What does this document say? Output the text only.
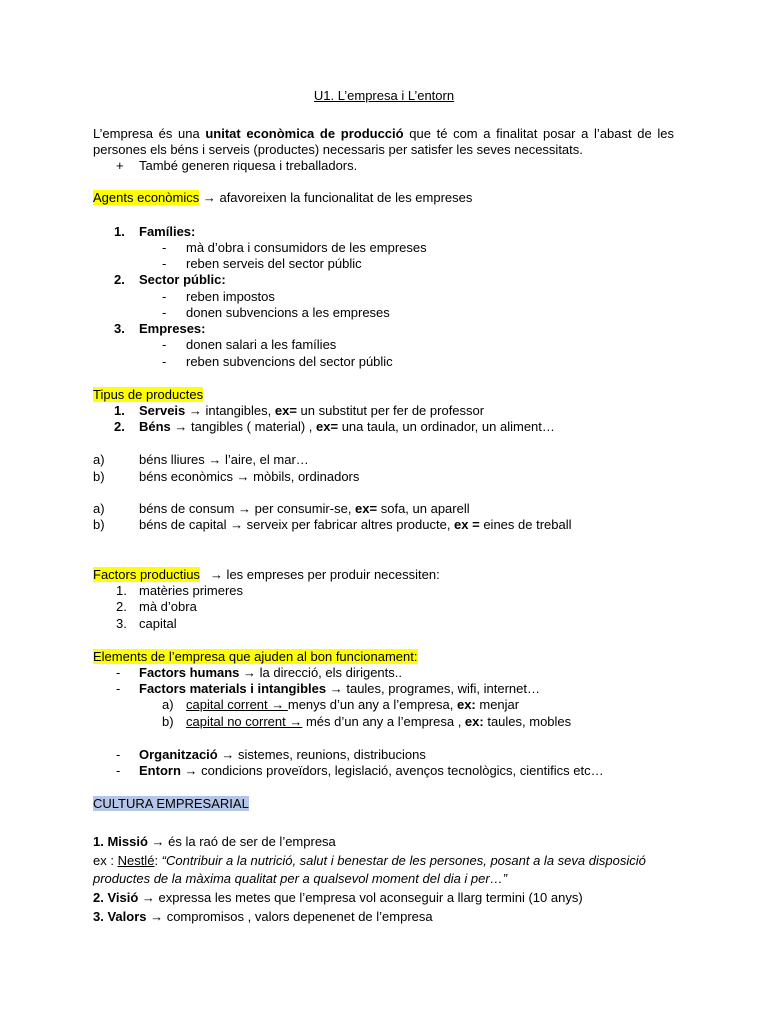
U1. L’empresa i L’entorn
L’empresa és una unitat econòmica de producció que té com a finalitat posar a l’abast de les
persones els béns i serveis (productes) necessaris per satisfer les seves necessitats.
+ També generen riquesa i treballadors.
Agents econòmics → afavoreixen la funcionalitat de les empreses
1.	Famílies:
- mà d’obra i consumidors de les empreses
- reben serveis del sector públic
2.	Sector públic:
- reben impostos
- donen subvencions a les empreses
3.	Empreses:
- donen salari a les famílies
- reben subvencions del sector públic
Tipus de productes
1.	Serveis → intangibles, ex= un substitut per fer de professor
2.	Béns → tangibles ( material) , ex= una taula, un ordinador, un aliment…
a)	béns lliures → l’aire, el mar…
b)	béns econòmics → mòbils, ordinadors
a)	béns de consum → per consumir-se, ex= sofa, un aparell
b)	béns de capital → serveix per fabricar altres producte, ex = eines de treball
Factors productius → les empreses per produir necessiten:
1. matèries primeres
2. mà d’obra
3. capital
Elements de l’empresa que ajuden al bon funcionament:
- Factors humans → la direcció, els dirigents..
- Factors materials i intangibles → taules, programes, wifi, internet…
a) capital corrent → menys d’un any a l’empresa, ex: menjar
b) capital no corrent → més d’un any a l’empresa , ex: taules, mobles
- Organització → sistemes, reunions, distribucions
- Entorn → condicions proveïdors, legislació, avenços tecnològics, cientifics etc…
CULTURA EMPRESARIAL
1. Missió → és la raó de ser de l’empresa
ex : Nestlé: “Contribuir a la nutrició, salut i benestar de les persones, posant a la seva disposició
productes de la màxima qualitat per a qualsevol moment del dia i per…”
2. Visió → expressa les metes que l’empresa vol aconseguir a llarg termini (10 anys)
3. Valors → compromisos , valors depenenet de l’empresa
